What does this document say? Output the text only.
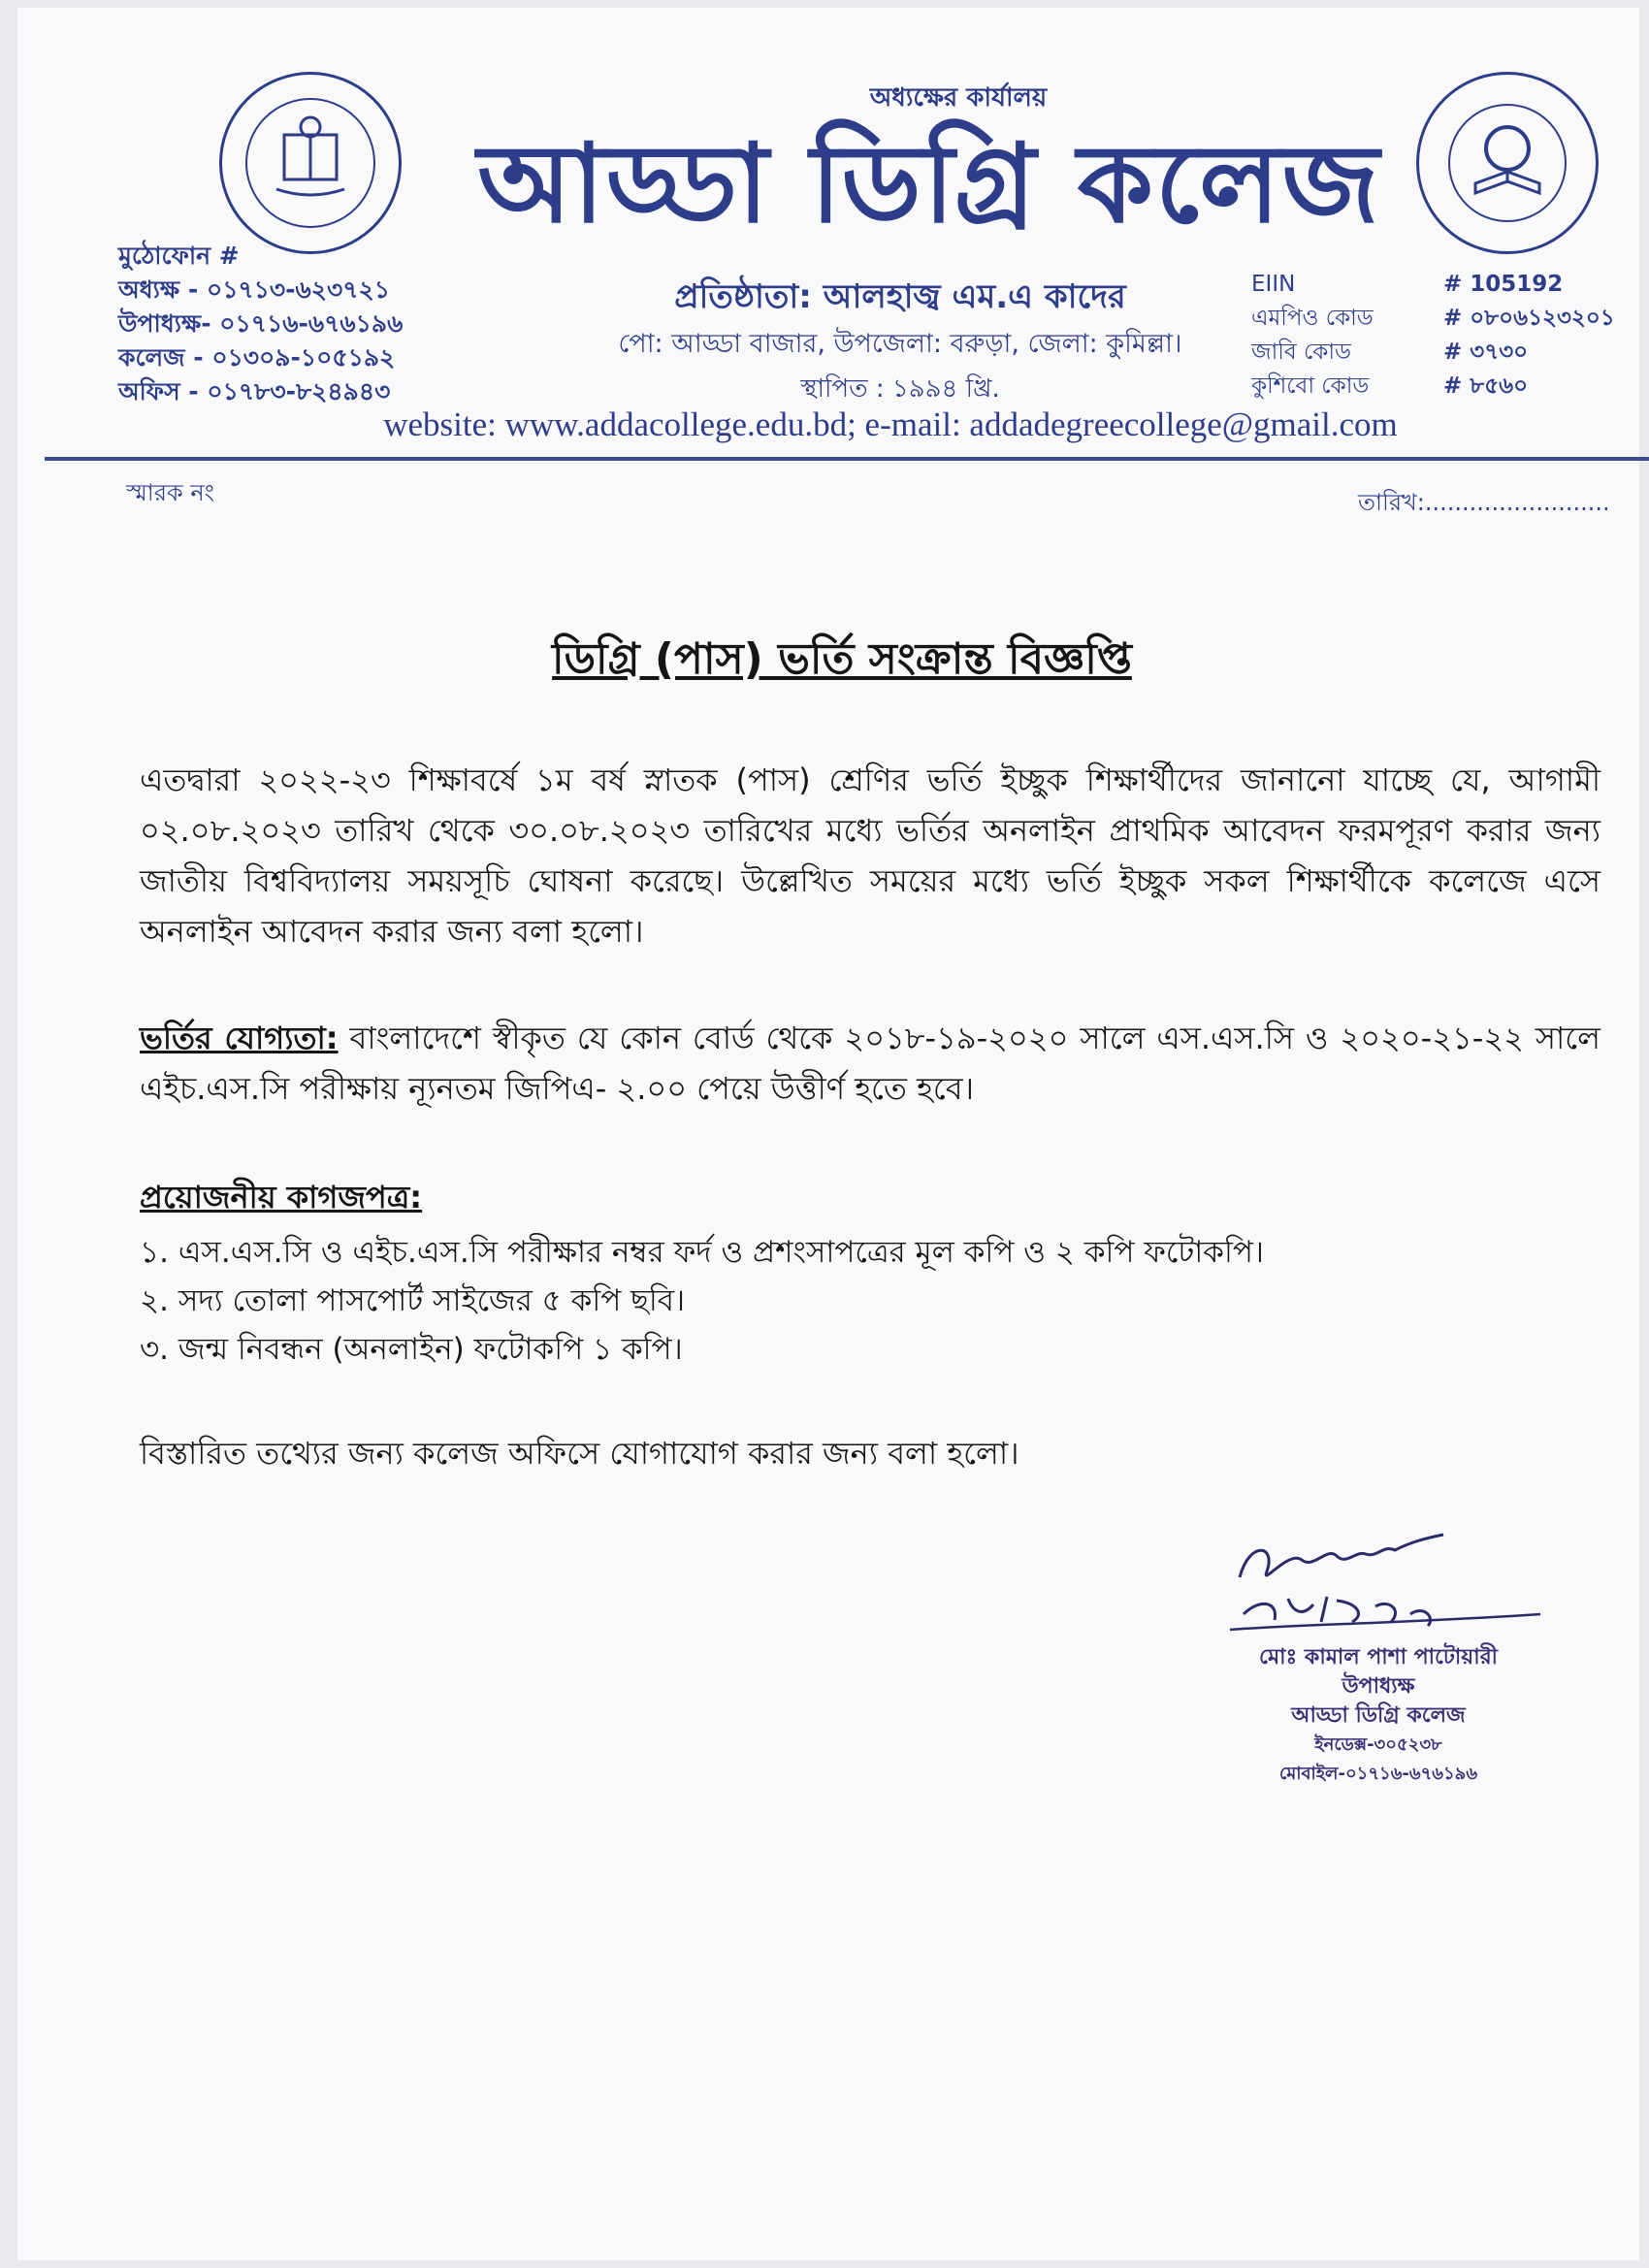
অধ্যক্ষের কার্যালয়
আড্ডা ডিগ্রি কলেজ
প্রতিষ্ঠাতা: আলহাজ্ব এম.এ কাদের
পো: আড্ডা বাজার, উপজেলা: বরুড়া, জেলা: কুমিল্লা।
স্থাপিত : ১৯৯৪ খ্রি.
মুঠোফোন #
অধ্যক্ষ - ০১৭১৩-৬২৩৭২১
উপাধ্যক্ষ- ০১৭১৬-৬৭৬১৯৬
কলেজ - ০১৩০৯-১০৫১৯২
অফিস - ০১৭৮৩-৮২৪৯৪৩
EIIN	# 105192
এমপিও কোড	# ০৮০৬১২৩২০১
জাবি কোড	# ৩৭৩০
কুশিবো কোড	# ৮৫৬০
website: www.addacollege.edu.bd; e-mail: addadegreecollege@gmail.com
স্মারক নং	তারিখ:.........................
ডিগ্রি (পাস) ভর্তি সংক্রান্ত বিজ্ঞপ্তি
এতদ্বারা ২০২২-২৩ শিক্ষাবর্ষে ১ম বর্ষ স্নাতক (পাস) শ্রেণির ভর্তি ইচ্ছুক শিক্ষার্থীদের জানানো যাচ্ছে যে, আগামী ০২.০৮.২০২৩ তারিখ থেকে ৩০.০৮.২০২৩ তারিখের মধ্যে ভর্তির অনলাইন প্রাথমিক আবেদন ফরমপূরণ করার জন্য জাতীয় বিশ্ববিদ্যালয় সময়সূচি ঘোষনা করেছে। উল্লেখিত সময়ের মধ্যে ভর্তি ইচ্ছুক সকল শিক্ষার্থীকে কলেজে এসে অনলাইন আবেদন করার জন্য বলা হলো।
ভর্তির যোগ্যতা: বাংলাদেশে স্বীকৃত যে কোন বোর্ড থেকে ২০১৮-১৯-২০২০ সালে এস.এস.সি ও ২০২০-২১-২২ সালে এইচ.এস.সি পরীক্ষায় ন্যূনতম জিপিএ- ২.০০ পেয়ে উত্তীর্ণ হতে হবে।
প্রয়োজনীয় কাগজপত্র:
১. এস.এস.সি ও এইচ.এস.সি পরীক্ষার নম্বর ফর্দ ও প্রশংসাপত্রের মূল কপি ও ২ কপি ফটোকপি।
২. সদ্য তোলা পাসপোর্ট সাইজের ৫ কপি ছবি।
৩. জন্ম নিবন্ধন (অনলাইন) ফটোকপি ১ কপি।
বিস্তারিত তথ্যের জন্য কলেজ অফিসে যোগাযোগ করার জন্য বলা হলো।
মোঃ কামাল পাশা পাটোয়ারী
উপাধ্যক্ষ
আড্ডা ডিগ্রি কলেজ
ইনডেক্স-৩০৫২৩৮
মোবাইল-০১৭১৬-৬৭৬১৯৬
